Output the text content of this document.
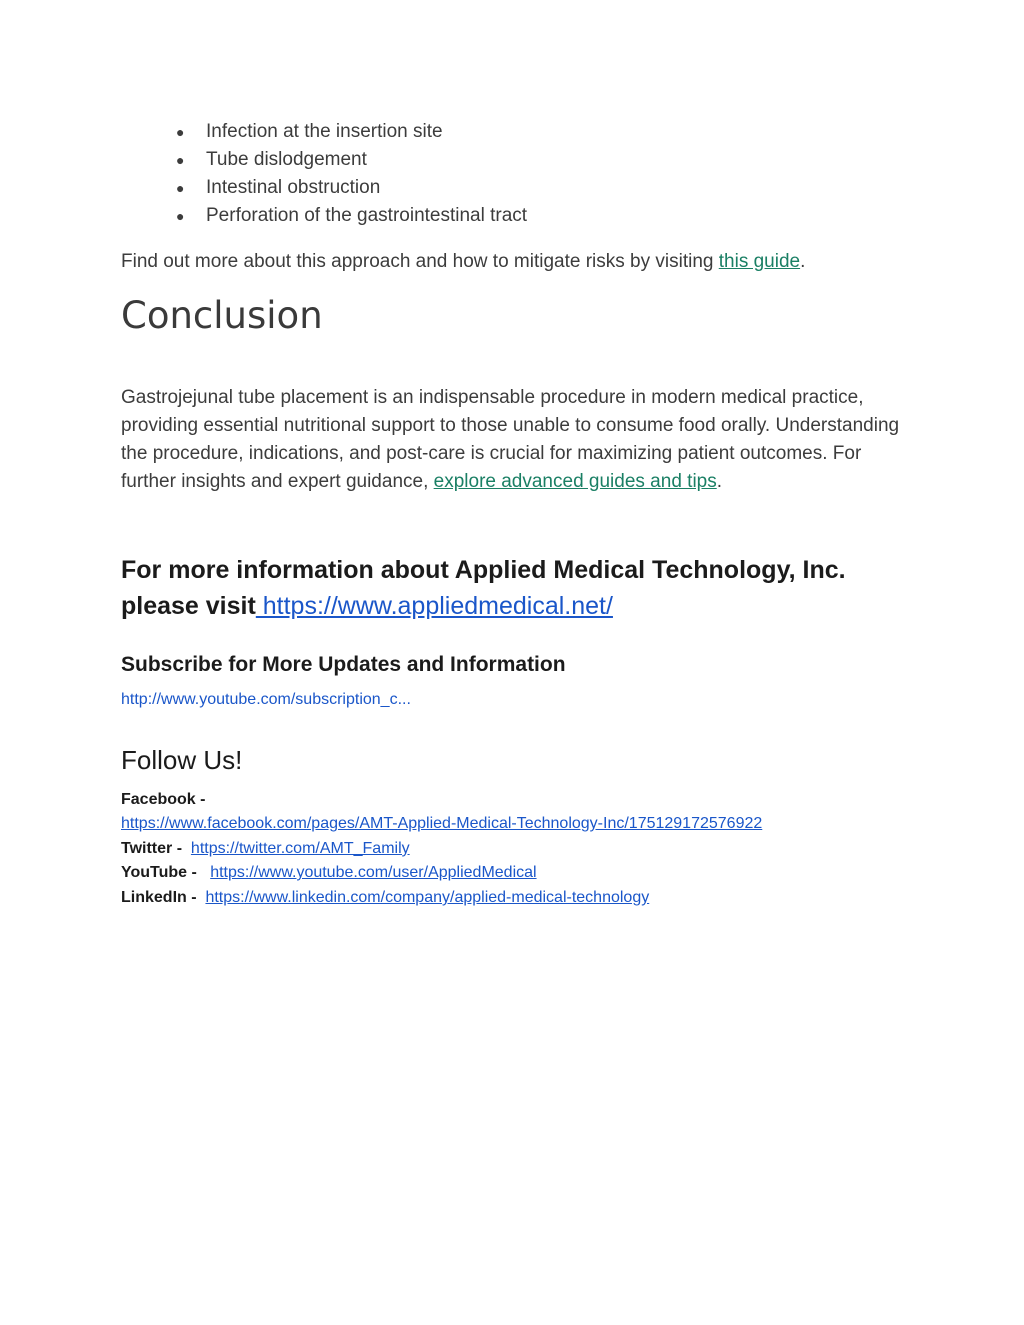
● Infection at the insertion site
● Tube dislodgement
● Intestinal obstruction
● Perforation of the gastrointestinal tract

Find out more about this approach and how to mitigate risks by visiting this guide.

Conclusion

Gastrojejunal tube placement is an indispensable procedure in modern medical practice, providing essential nutritional support to those unable to consume food orally. Understanding the procedure, indications, and post-care is crucial for maximizing patient outcomes. For further insights and expert guidance, explore advanced guides and tips.

For more information about Applied Medical Technology, Inc. please visit https://www.appliedmedical.net/
Subscribe for More Updates and Information
http://www.youtube.com/subscription_c...
Follow Us!
Facebook -
https://www.facebook.com/pages/AMT-Applied-Medical-Technology-Inc/175129172576922
Twitter - https://twitter.com/AMT_Family
YouTube - https://www.youtube.com/user/AppliedMedical
LinkedIn - https://www.linkedin.com/company/applied-medical-technology
